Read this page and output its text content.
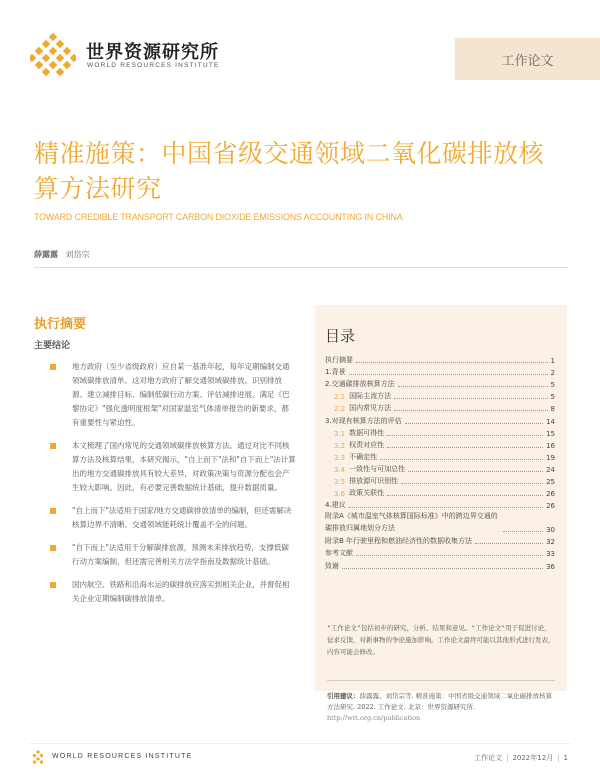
世界资源研究所
WORLD RESOURCES INSTITUTE	工作论文
精准施策：中国省级交通领域二氧化碳排放核算方法研究
TOWARD CREDIBLE TRANSPORT CARBON DIOXIDE EMISSIONS ACCOUNTING IN CHINA
薛露露 刘岱宗
执行摘要
主要结论
地方政府（至少省级政府）应自某一基准年起，每年定期编制交通领域碳排放清单。这对地方政府了解交通领域碳排放、识别排放源、建立减排目标、编制低碳行动方案、评估减排进展、满足《巴黎协定》"强化透明度框架"对国家温室气体清单报告的新要求，都有重要性与紧迫性。
本文梳理了国内常见的交通领域碳排放核算方法。通过对比不同核算方法及核算结果，本研究揭示，"自上而下"法和"自下而上"法计算出的地方交通碳排放具有较大差异，对政策决策与资源分配也会产生较大影响。因此，有必要完善数据统计基础，提升数据质量。
"自上而下"法适用于国家/地方交通碳排放清单的编制，但还需解决核算边界不清晰、交通领域能耗统计覆盖不全的问题。
"自下而上"法适用于分解碳排放源，预测未来排放趋势，支撑低碳行动方案编制，但还需完善相关方法学指南及数据统计基础。
国内航空、铁路和沿海水运的碳排放应落实到相关企业，并督促相关企业定期编制碳排放清单。
目录
执行摘要	1
1.背景	2
2.交通碳排放核算方法	5
2.1 国际主流方法	5
2.2 国内常见方法	8
3.对现有核算方法的评估	14
3.1 数据可得性	15
3.2 权责对应性	16
3.3 不确定性	19
3.4 一致性与可加总性	24
3.5 排放源可识别性	25
3.6 政策关联性	26
4.建议	26
附录A《城市温室气体核算国际标准》中的跨边界交通的碳排放归属地划分方法	30
附录B 年行驶里程和燃油经济性的数据收集方法	32
参考文献	33
致谢	36
"工作论文"包括初步的研究、分析、结果和意见。"工作论文"用于促进讨论，征求反馈，对新事物的争论施加影响。工作论文最终可能以其他形式进行发表，内容可能会修改。
引用建议：薛露露、刘岱宗等. 精准施策：中国省级交通领域二氧化碳排放核算方法研究. 2022. 工作论文. 北京：世界资源研究所. http://wri.org.cn/publication
WORLD RESOURCES INSTITUTE	工作论文 | 2022年12月 | 1
